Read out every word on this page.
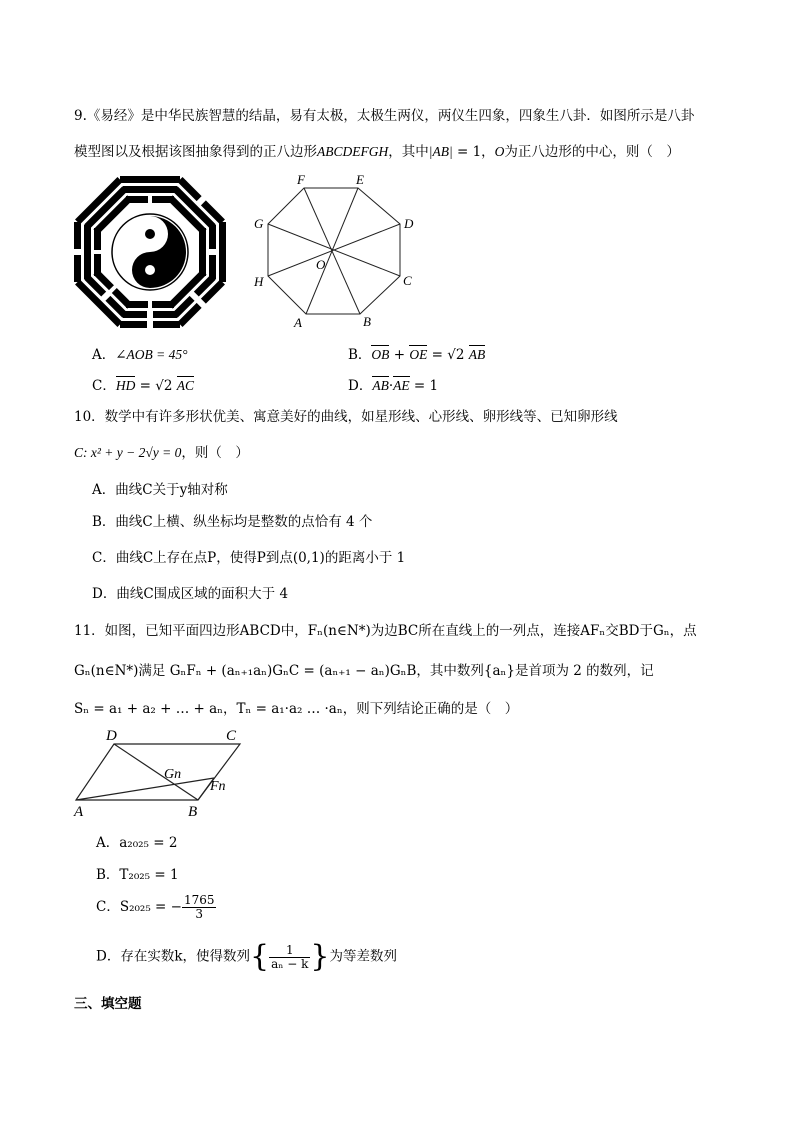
9.《易经》是中华民族智慧的结晶，易有太极，太极生两仪，两仪生四象，四象生八卦．如图所示是八卦
模型图以及根据该图抽象得到的正八边形ABCDEFGH，其中|AB| = 1，O为正八边形的中心，则（　）
F	E
D
C
B
A
H
G
O
A．∠AOB = 45°	B．OB + OE = √2 AB
C．HD = √2 AC	D．AB·AE = 1
10．数学中有许多形状优美、寓意美好的曲线，如星形线、心形线、卵形线等、已知卵形线
C: x² + y − 2√y = 0，则（　）
A．曲线C关于y轴对称
B．曲线C上横、纵坐标均是整数的点恰有 4 个
C．曲线C上存在点P，使得P到点(0,1)的距离小于 1
D．曲线C围成区域的面积大于 4
11．如图，已知平面四边形ABCD中，Fₙ(n∈N*)为边BC所在直线上的一列点，连接AFₙ交BD于Gₙ，点
Gₙ(n∈N*)满足 GₙFₙ + (aₙ₊₁aₙ)GₙC = (aₙ₊₁ − aₙ)GₙB，其中数列{aₙ}是首项为 2 的数列，记
Sₙ = a₁ + a₂ + … + aₙ，Tₙ = a₁·a₂ … ·aₙ，则下列结论正确的是（　）
D	C
A	B
Gn
Fn
A．a₂₀₂₅ = 2
B．T₂₀₂₅ = 1
C．S₂₀₂₅ = − $\frac{1765}{3}$
D．存在实数k，使得数列{ $\frac{1}{\text{aₙ − k}}$ }为等差数列
三、填空题
